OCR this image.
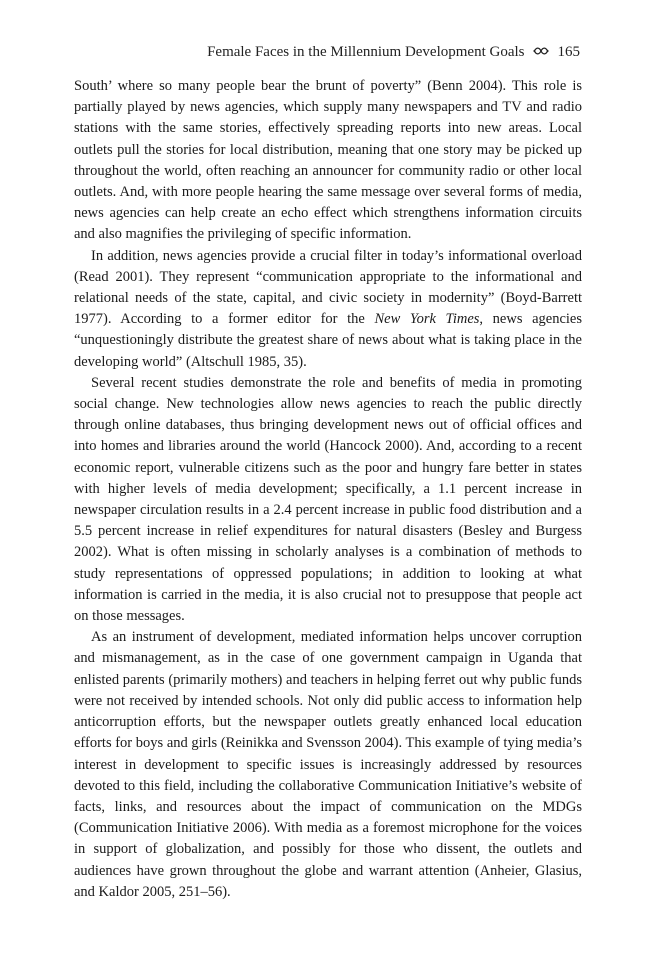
Female Faces in the Millennium Development Goals 165

South’ where so many people bear the brunt of poverty” (Benn 2004). This role is partially played by news agencies, which supply many newspapers and TV and radio stations with the same stories, effectively spreading reports into new areas. Local outlets pull the stories for local distribution, meaning that one story may be picked up throughout the world, often reaching an announcer for community radio or other local outlets. And, with more people hearing the same message over several forms of media, news agencies can help create an echo effect which strengthens information circuits and also magnifies the privileging of specific information.

In addition, news agencies provide a crucial filter in today’s informational overload (Read 2001). They represent “communication appropriate to the informational and relational needs of the state, capital, and civic society in modernity” (Boyd-Barrett 1977). According to a former editor for the New York Times, news agencies “unquestioningly distribute the greatest share of news about what is taking place in the developing world” (Altschull 1985, 35).

Several recent studies demonstrate the role and benefits of media in promoting social change. New technologies allow news agencies to reach the public directly through online databases, thus bringing development news out of official offices and into homes and libraries around the world (Hancock 2000). And, according to a recent economic report, vulnerable citizens such as the poor and hungry fare better in states with higher levels of media development; specifically, a 1.1 percent increase in newspaper circulation results in a 2.4 percent increase in public food distribution and a 5.5 percent increase in relief expenditures for natural disasters (Besley and Burgess 2002). What is often missing in scholarly analyses is a combination of methods to study representations of oppressed populations; in addition to looking at what information is carried in the media, it is also crucial not to presuppose that people act on those messages.

As an instrument of development, mediated information helps uncover corruption and mismanagement, as in the case of one government campaign in Uganda that enlisted parents (primarily mothers) and teachers in helping ferret out why public funds were not received by intended schools. Not only did public access to information help anticorruption efforts, but the newspaper outlets greatly enhanced local education efforts for boys and girls (Reinikka and Svensson 2004). This example of tying media’s interest in development to specific issues is increasingly addressed by resources devoted to this field, including the collaborative Communication Initiative’s website of facts, links, and resources about the impact of communication on the MDGs (Communication Initiative 2006). With media as a foremost microphone for the voices in support of globalization, and possibly for those who dissent, the outlets and audiences have grown throughout the globe and warrant attention (Anheier, Glasius, and Kaldor 2005, 251–56).
